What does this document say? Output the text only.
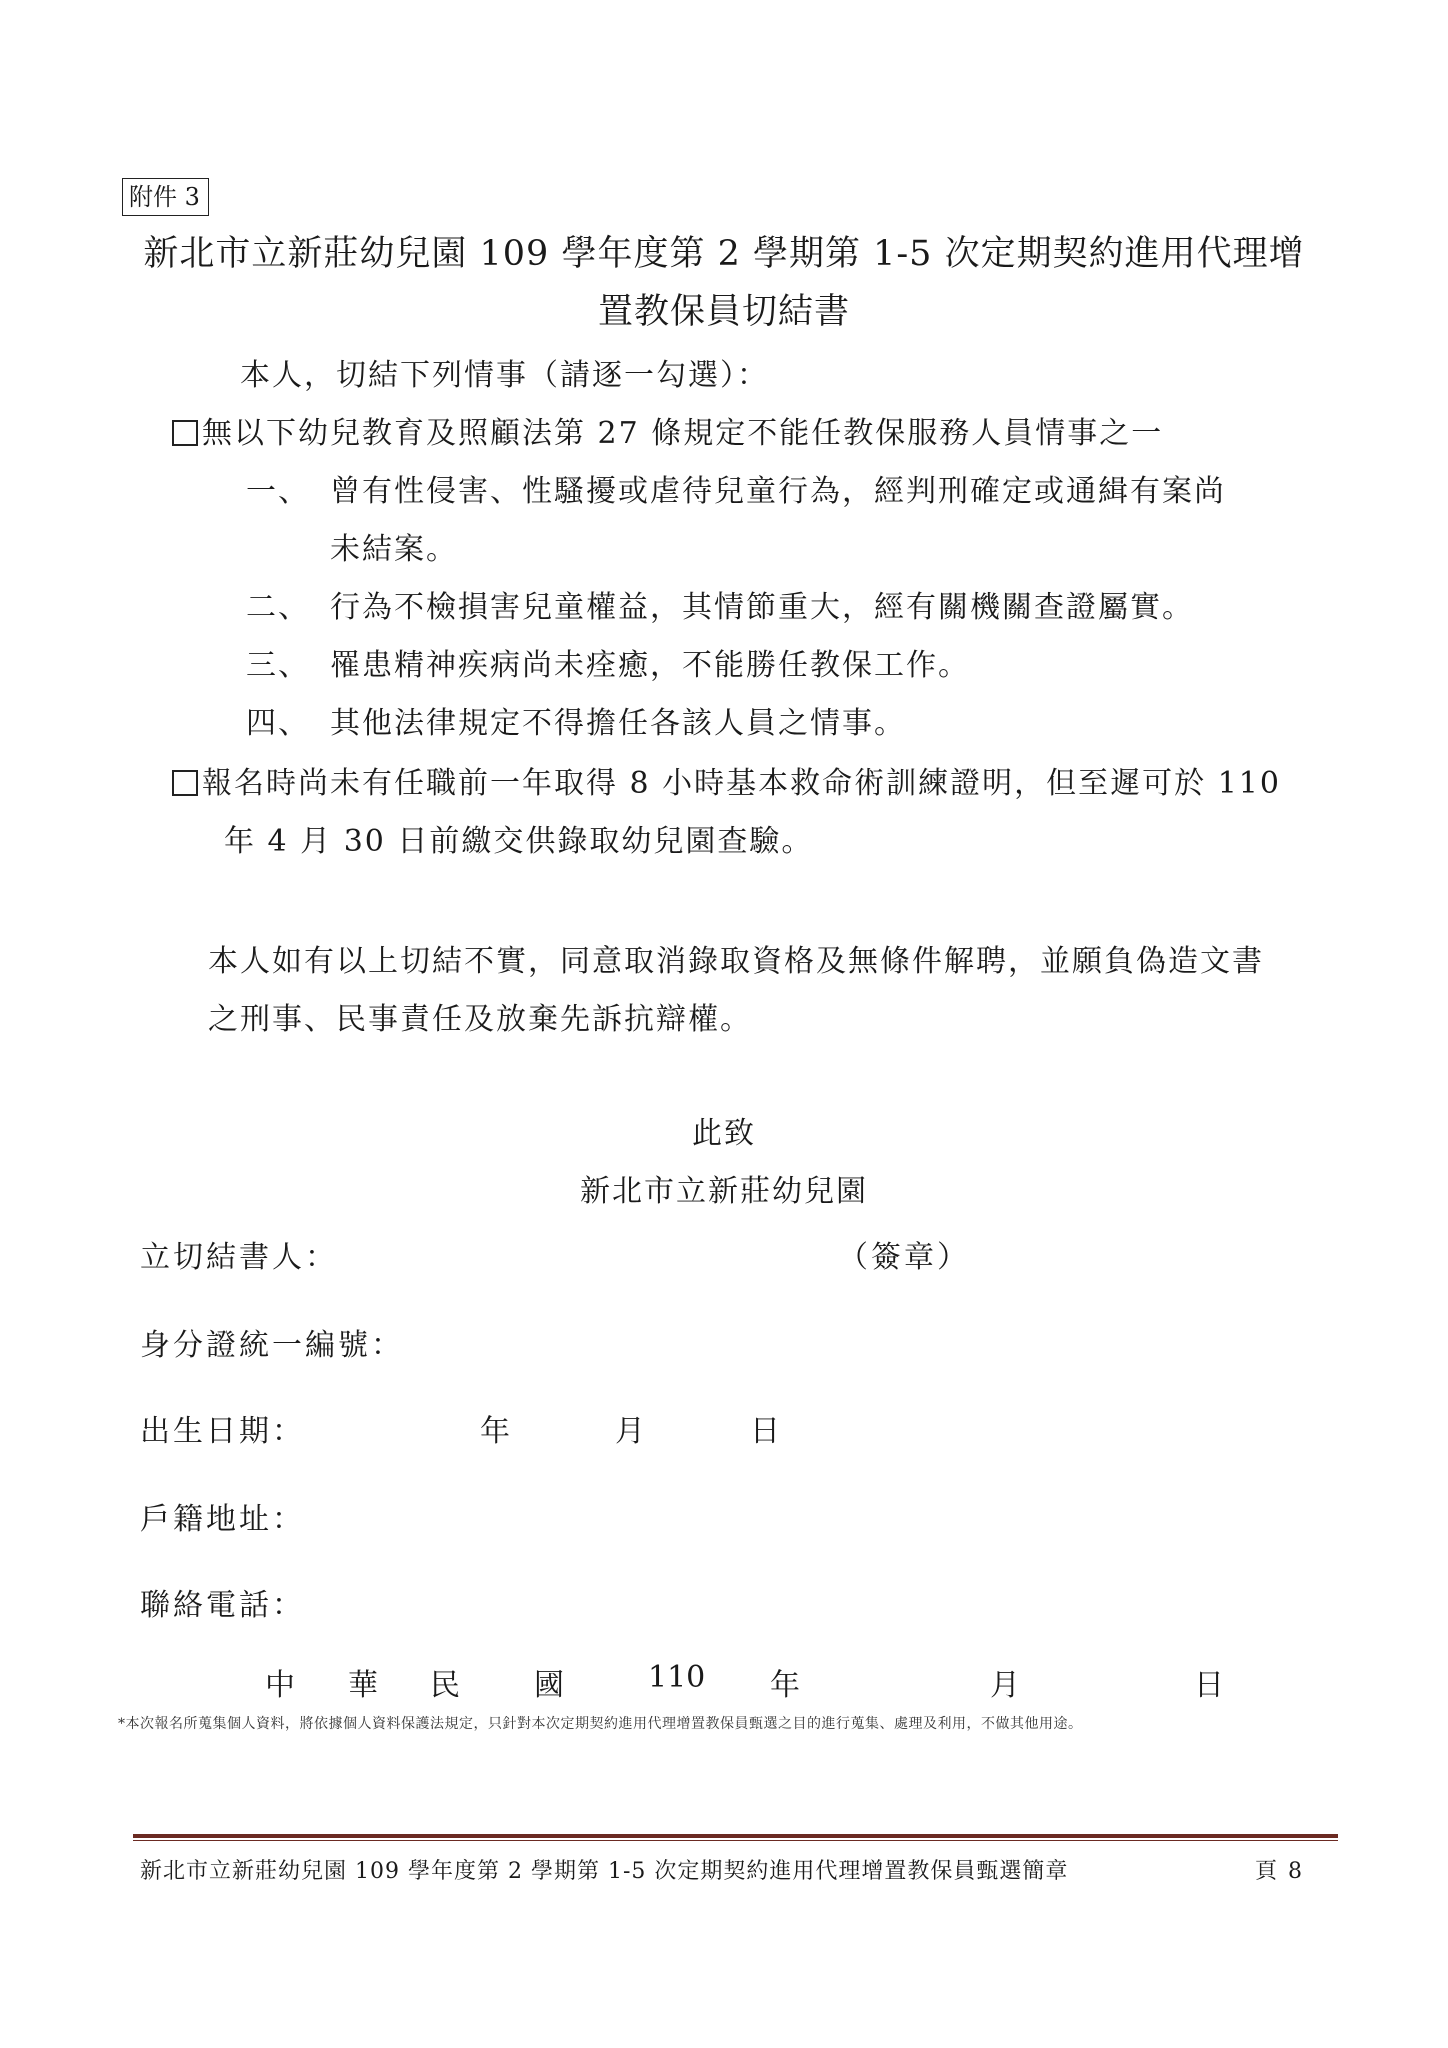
附件 3
新北市立新莊幼兒園 109 學年度第 2 學期第 1-5 次定期契約進用代理增
置教保員切結書
本人，切結下列情事（請逐一勾選）：
無以下幼兒教育及照顧法第 27 條規定不能任教保服務人員情事之一
一、 曾有性侵害、性騷擾或虐待兒童行為，經判刑確定或通緝有案尚
未結案。
二、 行為不檢損害兒童權益，其情節重大，經有關機關查證屬實。
三、 罹患精神疾病尚未痊癒，不能勝任教保工作。
四、 其他法律規定不得擔任各該人員之情事。
報名時尚未有任職前一年取得 8 小時基本救命術訓練證明，但至遲可於 110
年 4 月 30 日前繳交供錄取幼兒園查驗。
本人如有以上切結不實，同意取消錄取資格及無條件解聘，並願負偽造文書
之刑事、民事責任及放棄先訴抗辯權。
此致
新北市立新莊幼兒園
立切結書人：	（簽章）
身分證統一編號：
出生日期：	年	月	日
戶籍地址：
聯絡電話：
中 華 民 國	110 年	月	日
*本次報名所蒐集個人資料，將依據個人資料保護法規定，只針對本次定期契約進用代理增置教保員甄選之目的進行蒐集、處理及利用，不做其他用途。
新北市立新莊幼兒園 109 學年度第 2 學期第 1-5 次定期契約進用代理增置教保員甄選簡章	頁 8
